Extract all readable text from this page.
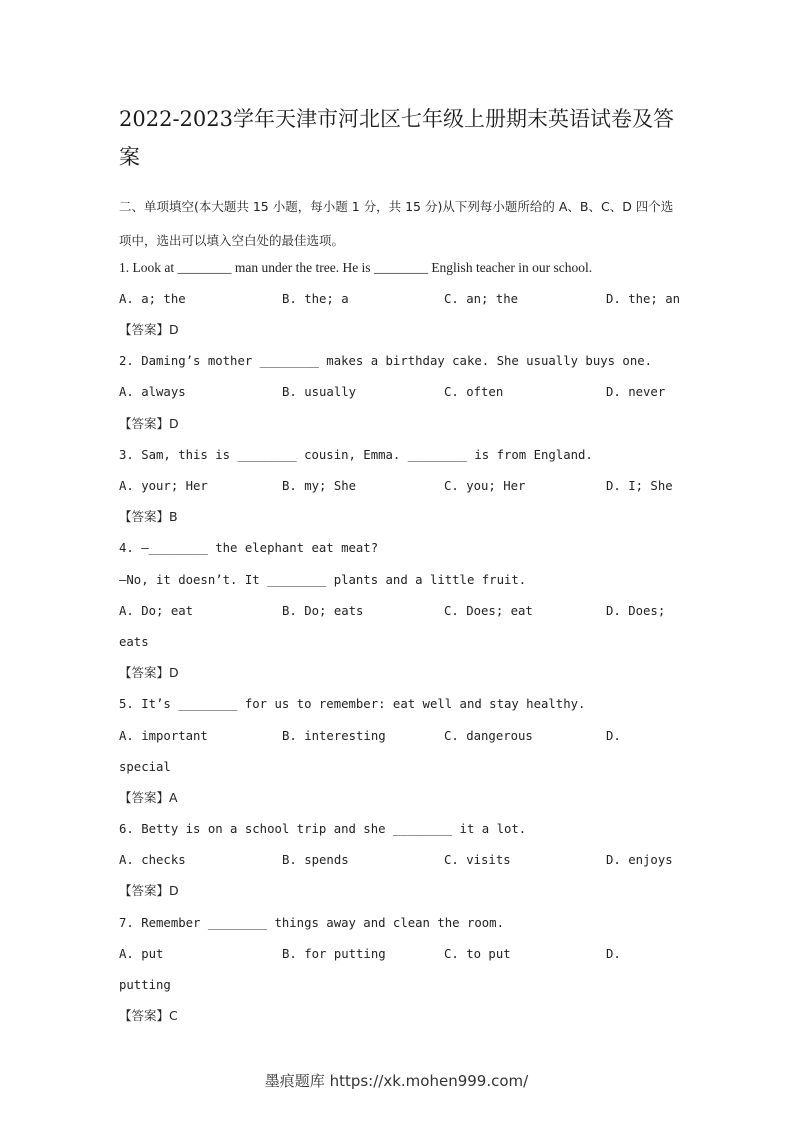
2022-2023学年天津市河北区七年级上册期末英语试卷及答案
二、单项填空(本大题共 15 小题，每小题 1 分，共 15 分)从下列每小题所给的 A、B、C、D 四个选项中，选出可以填入空白处的最佳选项。
1. Look at ________ man under the tree. He is ________ English teacher in our school.
A. a; the	B. the; a	C. an; the	D. the; an
【答案】D
2. Daming’s mother ________ makes a birthday cake. She usually buys one.
A. always	B. usually	C. often	D. never
【答案】D
3. Sam, this is ________ cousin, Emma. ________ is from England.
A. your; Her	B. my; She	C. you; Her	D. I; She
【答案】B
4. —________ the elephant eat meat?
—No, it doesn’t. It ________ plants and a little fruit.
A. Do; eat	B. Do; eats	C. Does; eat	D. Does;
eats
【答案】D
5. It’s ________ for us to remember: eat well and stay healthy.
A. important	B. interesting	C. dangerous	D.
special
【答案】A
6. Betty is on a school trip and she ________ it a lot.
A. checks	B. spends	C. visits	D. enjoys
【答案】D
7. Remember ________ things away and clean the room.
A. put	B. for putting	C. to put	D.
putting
【答案】C
墨痕题库 https://xk.mohen999.com/
